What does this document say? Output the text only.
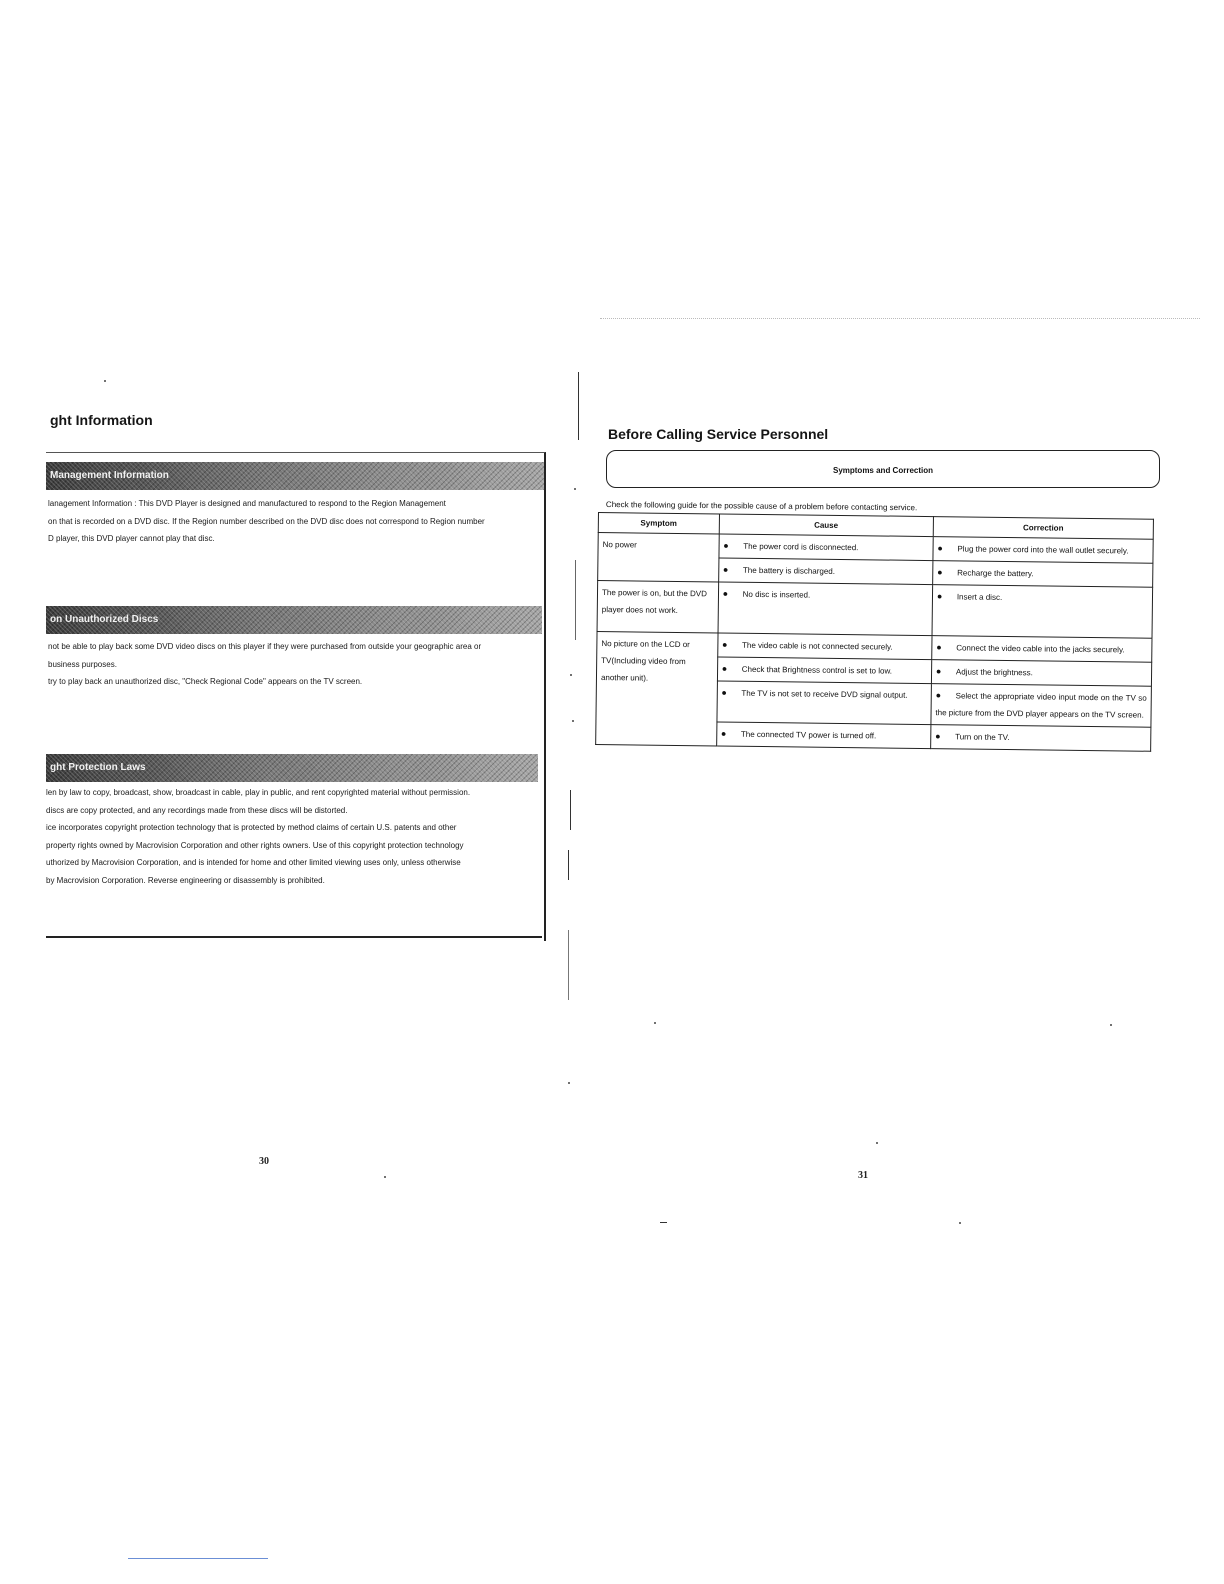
ght Information
Management Information

lanagement Information : This DVD Player is designed and manufactured to respond to the Region Management

on that is recorded on a DVD disc. If the Region number described on the DVD disc does not correspond to Region number

D player, this DVD player cannot play that disc.

on Unauthorized Discs

not be able to play back some DVD video discs on this player if they were purchased from outside your geographic area or

business purposes.

try to play back an unauthorized disc, "Check Regional Code" appears on the TV screen.

ght Protection Laws

len by law to copy, broadcast, show, broadcast in cable, play in public, and rent copyrighted material without permission.

discs are copy protected, and any recordings made from these discs will be distorted.

ice incorporates copyright protection technology that is protected by method claims of certain U.S. patents and other

property rights owned by Macrovision Corporation and other rights owners. Use of this copyright protection technology

uthorized by Macrovision Corporation, and is intended for home and other limited viewing uses only, unless otherwise

by Macrovision Corporation. Reverse engineering or disassembly is prohibited.

30
Before Calling Service Personnel
Symptoms and Correction
Check the following guide for the possible cause of a problem before contacting service.
Symptom	Cause	Correction
No power	● The power cord is disconnected.	● Plug the power cord into the wall outlet securely.
	● The battery is discharged.	● Recharge the battery.
The power is on, but the DVD player does not work.	● No disc is inserted.	● Insert a disc.
No picture on the LCD or TV(Including video from another unit).	● The video cable is not connected securely.	● Connect the video cable into the jacks securely.
	● Check that Brightness control is set to low.	● Adjust the brightness.
	● The TV is not set to receive DVD signal output.	● Select the appropriate video input mode on the TV so the picture from the DVD player appears on the TV screen.
	● The connected TV power is turned off.	● Turn on the TV.
31
